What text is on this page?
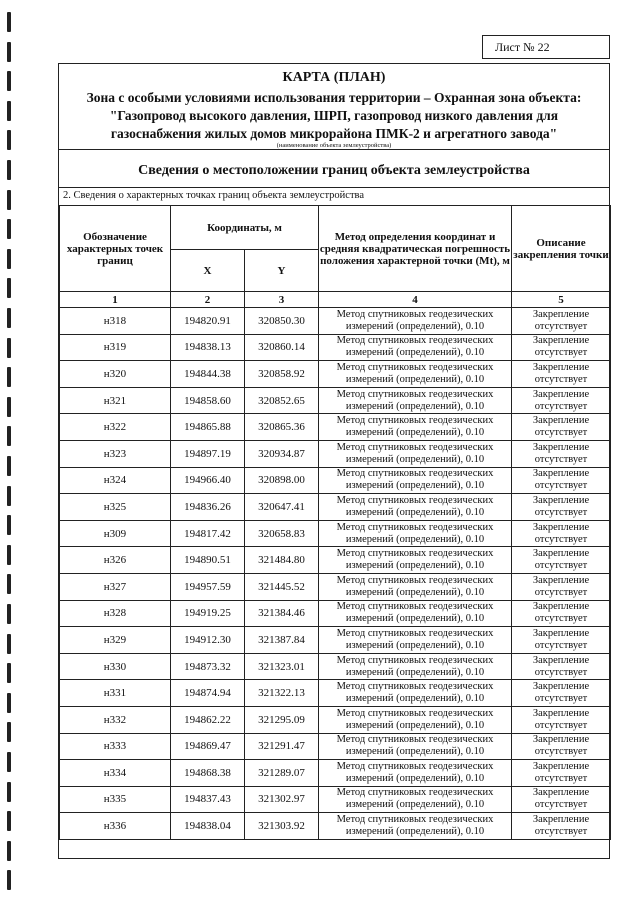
Лист № 22
КАРТА (ПЛАН)
Зона с особыми условиями использования территории – Охранная зона объекта:
"Газопровод высокого давления, ШРП, газопровод низкого давления для
газоснабжения жилых домов микрорайона ПМК-2 и агрегатного завода"
(наименование объекта землеустройства)
Сведения о местоположении границ объекта землеустройства
2. Сведения о характерных точках границ объекта землеустройства
Обозначение характерных точек границ	Координаты, м		Метод определения координат и средняя квадратическая погрешность положения характерной точки (Mt), м	Описание закрепления точки
	X	Y		
1	2	3	4	5
н318	194820.91	320850.30	Метод спутниковых геодезических измерений (определений), 0.10	Закрепление отсутствует
н319	194838.13	320860.14	Метод спутниковых геодезических измерений (определений), 0.10	Закрепление отсутствует
н320	194844.38	320858.92	Метод спутниковых геодезических измерений (определений), 0.10	Закрепление отсутствует
н321	194858.60	320852.65	Метод спутниковых геодезических измерений (определений), 0.10	Закрепление отсутствует
н322	194865.88	320865.36	Метод спутниковых геодезических измерений (определений), 0.10	Закрепление отсутствует
н323	194897.19	320934.87	Метод спутниковых геодезических измерений (определений), 0.10	Закрепление отсутствует
н324	194966.40	320898.00	Метод спутниковых геодезических измерений (определений), 0.10	Закрепление отсутствует
н325	194836.26	320647.41	Метод спутниковых геодезических измерений (определений), 0.10	Закрепление отсутствует
н309	194817.42	320658.83	Метод спутниковых геодезических измерений (определений), 0.10	Закрепление отсутствует
н326	194890.51	321484.80	Метод спутниковых геодезических измерений (определений), 0.10	Закрепление отсутствует
н327	194957.59	321445.52	Метод спутниковых геодезических измерений (определений), 0.10	Закрепление отсутствует
н328	194919.25	321384.46	Метод спутниковых геодезических измерений (определений), 0.10	Закрепление отсутствует
н329	194912.30	321387.84	Метод спутниковых геодезических измерений (определений), 0.10	Закрепление отсутствует
н330	194873.32	321323.01	Метод спутниковых геодезических измерений (определений), 0.10	Закрепление отсутствует
н331	194874.94	321322.13	Метод спутниковых геодезических измерений (определений), 0.10	Закрепление отсутствует
н332	194862.22	321295.09	Метод спутниковых геодезических измерений (определений), 0.10	Закрепление отсутствует
н333	194869.47	321291.47	Метод спутниковых геодезических измерений (определений), 0.10	Закрепление отсутствует
н334	194868.38	321289.07	Метод спутниковых геодезических измерений (определений), 0.10	Закрепление отсутствует
н335	194837.43	321302.97	Метод спутниковых геодезических измерений (определений), 0.10	Закрепление отсутствует
н336	194838.04	321303.92	Метод спутниковых геодезических измерений (определений), 0.10	Закрепление отсутствует
